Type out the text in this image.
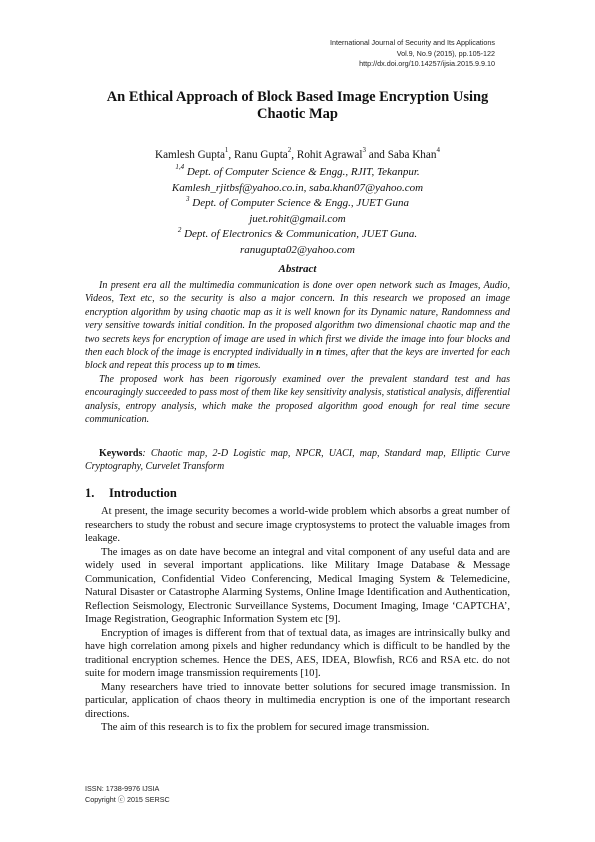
International Journal of Security and Its Applications
Vol.9, No.9 (2015), pp.105-122
http://dx.doi.org/10.14257/ijsia.2015.9.9.10
An Ethical Approach of Block Based Image Encryption Using
Chaotic Map
Kamlesh Gupta$^1$, Ranu Gupta$^2$, Rohit Agrawal$^3$ and Saba Khan$^4$
$^{1,4}$ Dept. of Computer Science & Engg., RJIT, Tekanpur.
Kamlesh_rjitbsf@yahoo.co.in, saba.khan07@yahoo.com
$^3$ Dept. of Computer Science & Engg., JUET Guna
juet.rohit@gmail.com
$^2$ Dept. of Electronics & Communication, JUET Guna.
ranugupta02@yahoo.com
Abstract

In present era all the multimedia communication is done over open network such as Images, Audio, Videos, Text etc, so the security is also a major concern. In this research we proposed an image encryption algorithm by using chaotic map as it is well known for its Dynamic nature, Randomness and very sensitive towards initial condition. In the proposed algorithm two dimensional chaotic map and the two secrets keys for encryption of image are used in which first we divide the image into four blocks and then each block of the image is encrypted individually in n times, after that the keys are inverted for each block and repeat this process up to m times.

The proposed work has been rigorously examined over the prevalent standard test and has encouragingly succeeded to pass most of them like key sensitivity analysis, statistical analysis, differential analysis, entropy analysis, which make the proposed algorithm good enough for real time secure communication.

Keywords: Chaotic map, 2-D Logistic map, NPCR, UACI, map, Standard map, Elliptic Curve Cryptography, Curvelet Transform
1. Introduction

At present, the image security becomes a world-wide problem which absorbs a great number of researchers to study the robust and secure image cryptosystems to protect the valuable images from leakage.

The images as on date have become an integral and vital component of any useful data and are widely used in several important applications. like Military Image Database & Message Communication, Confidential Video Conferencing, Medical Imaging System & Telemedicine, Natural Disaster or Catastrophe Alarming Systems, Online Image Identification and Authentication, Reflection Seismology, Electronic Surveillance Systems, Document Imaging, Image ‘CAPTCHA’, Image Registration, Geographic Information System etc [9].

Encryption of images is different from that of textual data, as images are intrinsically bulky and have high correlation among pixels and higher redundancy which is difficult to be handled by the traditional encryption schemes. Hence the DES, AES, IDEA, Blowfish, RC6 and RSA etc. do not suite for modern image transmission requirements [10].

Many researchers have tried to innovate better solutions for secured image transmission. In particular, application of chaos theory in multimedia encryption is one of the important research directions.

The aim of this research is to fix the problem for secured image transmission.

ISSN: 1738-9976 IJSIA
Copyright ⓒ 2015 SERSC
